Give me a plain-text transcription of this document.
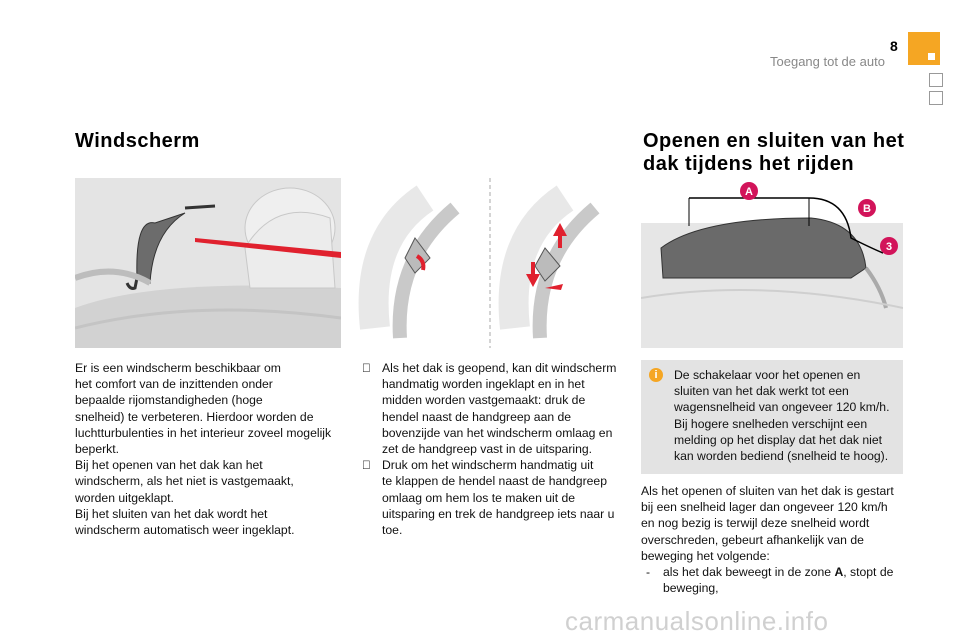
8
Toegang tot de auto
Windscherm	Openen en sluiten van het
dak tijdens het rijden
A
B
3
Er is een windscherm beschikbaar om
het comfort van de inzittenden onder
bepaalde rijomstandigheden (hoge
snelheid) te verbeteren. Hierdoor worden de
luchtturbulenties in het interieur zoveel mogelijk
beperkt.
Bij het openen van het dak kan het
windscherm, als het niet is vastgemaakt,
worden uitgeklapt.
Bij het sluiten van het dak wordt het
windscherm automatisch weer ingeklapt.
Als het dak is geopend, kan dit windscherm
handmatig worden ingeklapt en in het
midden worden vastgemaakt: druk de
hendel naast de handgreep aan de
bovenzijde van het windscherm omlaag en
zet de handgreep vast in de uitsparing.
Druk om het windscherm handmatig uit
te klappen de hendel naast de handgreep
omlaag om hem los te maken uit de
uitsparing en trek de handgreep iets naar u
toe.
i	De schakelaar voor het openen en
sluiten van het dak werkt tot een
wagensnelheid van ongeveer 120 km/h.
Bij hogere snelheden verschijnt een
melding op het display dat het dak niet
kan worden bediend (snelheid te hoog).
Als het openen of sluiten van het dak is gestart
bij een snelheid lager dan ongeveer 120 km/h
en nog bezig is terwijl deze snelheid wordt
overschreden, gebeurt afhankelijk van de
beweging het volgende:
- als het dak beweegt in de zone A, stopt de
beweging,
carmanualsonline.info
